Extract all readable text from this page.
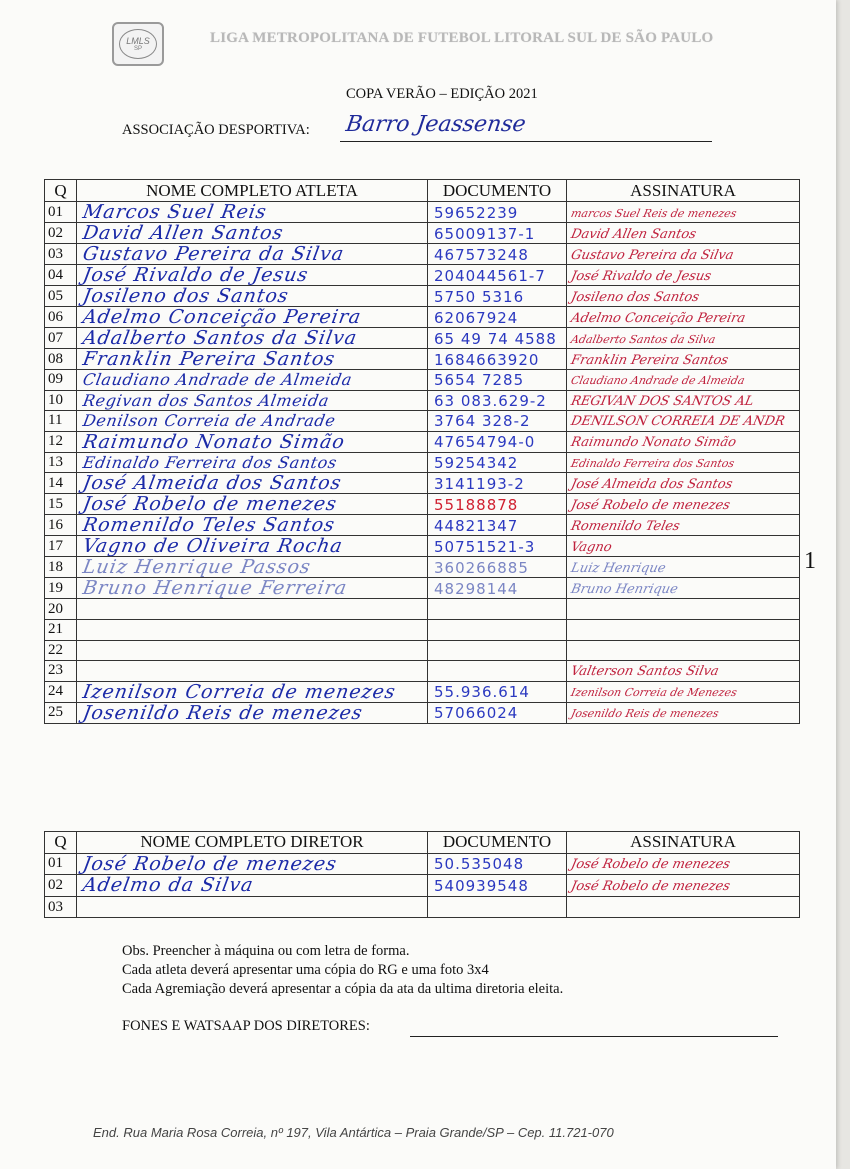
LMLS
SP
LIGA METROPOLITANA DE FUTEBOL LITORAL SUL DE SÃO PAULO
COPA VERÃO – EDIÇÃO 2021
ASSOCIAÇÃO DESPORTIVA: Barro Jeassense
Q	NOME COMPLETO ATLETA	DOCUMENTO	ASSINATURA
01	Marcos Suel Reis	59652239	marcos Suel Reis de menezes
02	David Allen Santos	65009137-1	David Allen Santos
03	Gustavo Pereira da Silva	467573248	Gustavo Pereira da Silva
04	José Rivaldo de Jesus	204044561-7	José Rivaldo de Jesus
05	Josileno dos Santos	5750 5316	Josileno dos Santos
06	Adelmo Conceição Pereira	62067924	Adelmo Conceição Pereira
07	Adalberto Santos da Silva	65 49 74 4588	Adalberto Santos da Silva
08	Franklin Pereira Santos	1684663920	Franklin Pereira Santos
09	Claudiano Andrade de Almeida	5654 7285	Claudiano Andrade de Almeida
10	Regivan dos Santos Almeida	63 083.629-2	REGIVAN DOS SANTOS AL
11	Denilson Correia de Andrade	3764 328-2	DENILSON CORREIA DE ANDR
12	Raimundo Nonato Simão	47654794-0	Raimundo Nonato Simão
13	Edinaldo Ferreira dos Santos	59254342	Edinaldo Ferreira dos Santos
14	José Almeida dos Santos	3141193-2	José Almeida dos Santos
15	José Robelo de menezes	55188878	José Robelo de menezes
16	Romenildo Teles Santos	44821347	Romenildo Teles
17	Vagno de Oliveira Rocha	50751521-3	Vagno
18	Luiz Henrique Passos	360266885	Luiz Henrique
19	Bruno Henrique Ferreira	48298144	Bruno Henrique
20			
21			
22			
23			Valterson Santos Silva
24	Izenilson Correia de menezes	55.936.614	Izenilson Correia de Menezes
25	Josenildo Reis de menezes	57066024	Josenildo Reis de menezes
1
Q	NOME COMPLETO DIRETOR	DOCUMENTO	ASSINATURA
01	José Robelo de menezes	50.535048	José Robelo de menezes
02	Adelmo da Silva	540939548	José Robelo de menezes
03			
Obs. Preencher à máquina ou com letra de forma.
Cada atleta deverá apresentar uma cópia do RG e uma foto 3x4
Cada Agremiação deverá apresentar a cópia da ata da ultima diretoria eleita.
FONES E WATSAAP DOS DIRETORES:
End. Rua Maria Rosa Correia, nº 197, Vila Antártica – Praia Grande/SP – Cep. 11.721-070
